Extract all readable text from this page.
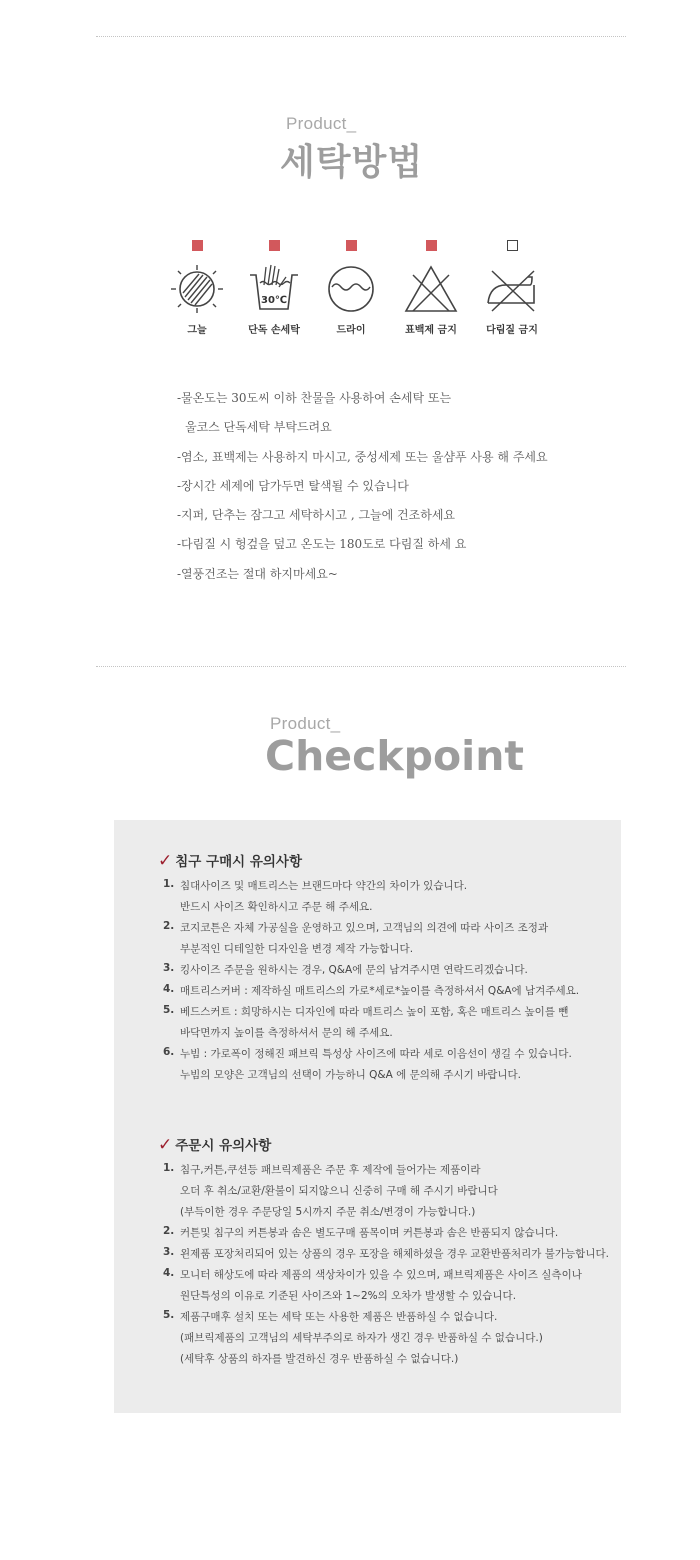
Product_
세탁방법
그늘
30℃
단독 손세탁	드라이	표백제 금지	다림질 금지
-물온도는 30도씨 이하 찬물을 사용하여 손세탁 또는
울코스 단독세탁 부탁드려요
-염소, 표백제는 사용하지 마시고, 중성세제 또는 울샴푸 사용 해 주세요
-장시간 세제에 담가두면 탈색될 수 있습니다
-지퍼, 단추는 잠그고 세탁하시고 , 그늘에 건조하세요
-다림질 시 헝겊을 덮고 온도는 180도로 다림질 하세 요
-열풍건조는 절대 하지마세요~
Product_
Checkpoint
✓ 침구 구매시 유의사항
1. 침대사이즈 및 매트리스는 브랜드마다 약간의 차이가 있습니다.
반드시 사이즈 확인하시고 주문 해 주세요.
2. 코지코튼은 자체 가공실을 운영하고 있으며, 고객님의 의견에 따라 사이즈 조정과
부분적인 디테일한 디자인을 변경 제작 가능합니다.
3. 킹사이즈 주문을 원하시는 경우, Q&A에 문의 남겨주시면 연락드리겠습니다.
4. 매트리스커버 : 제작하실 매트리스의 가로*세로*높이를 측정하셔서 Q&A에 남겨주세요.
5. 베드스커트 : 희망하시는 디자인에 따라 매트리스 높이 포함, 혹은 매트리스 높이를 뺀
바닥면까지 높이를 측정하셔서 문의 해 주세요.
6. 누빔 : 가로폭이 정해진 패브릭 특성상 사이즈에 따라 세로 이음선이 생길 수 있습니다.
누빔의 모양은 고객님의 선택이 가능하니 Q&A 에 문의해 주시기 바랍니다.
✓ 주문시 유의사항
1. 침구,커튼,쿠션등 패브릭제품은 주문 후 제작에 들어가는 제품이라
오더 후 취소/교환/환불이 되지않으니 신중히 구매 해 주시기 바랍니다
(부득이한 경우 주문당일 5시까지 주문 취소/변경이 가능합니다.)
2. 커튼및 침구의 커튼봉과 솜은 별도구매 품목이며 커튼봉과 솜은 반품되지 않습니다.
3. 왼제품 포장처리되어 있는 상품의 경우 포장을 해체하셨을 경우 교환반품처리가 불가능합니다.
4. 모니터 해상도에 따라 제품의 색상차이가 있을 수 있으며, 패브릭제품은 사이즈 실측이나
원단특성의 이유로 기준된 사이즈와 1~2%의 오차가 발생할 수 있습니다.
5. 제품구매후 설치 또는 세탁 또는 사용한 제품은 반품하실 수 없습니다.
(패브릭제품의 고객님의 세탁부주의로 하자가 생긴 경우 반품하실 수 없습니다.)
(세탁후 상품의 하자를 발견하신 경우 반품하실 수 없습니다.)
